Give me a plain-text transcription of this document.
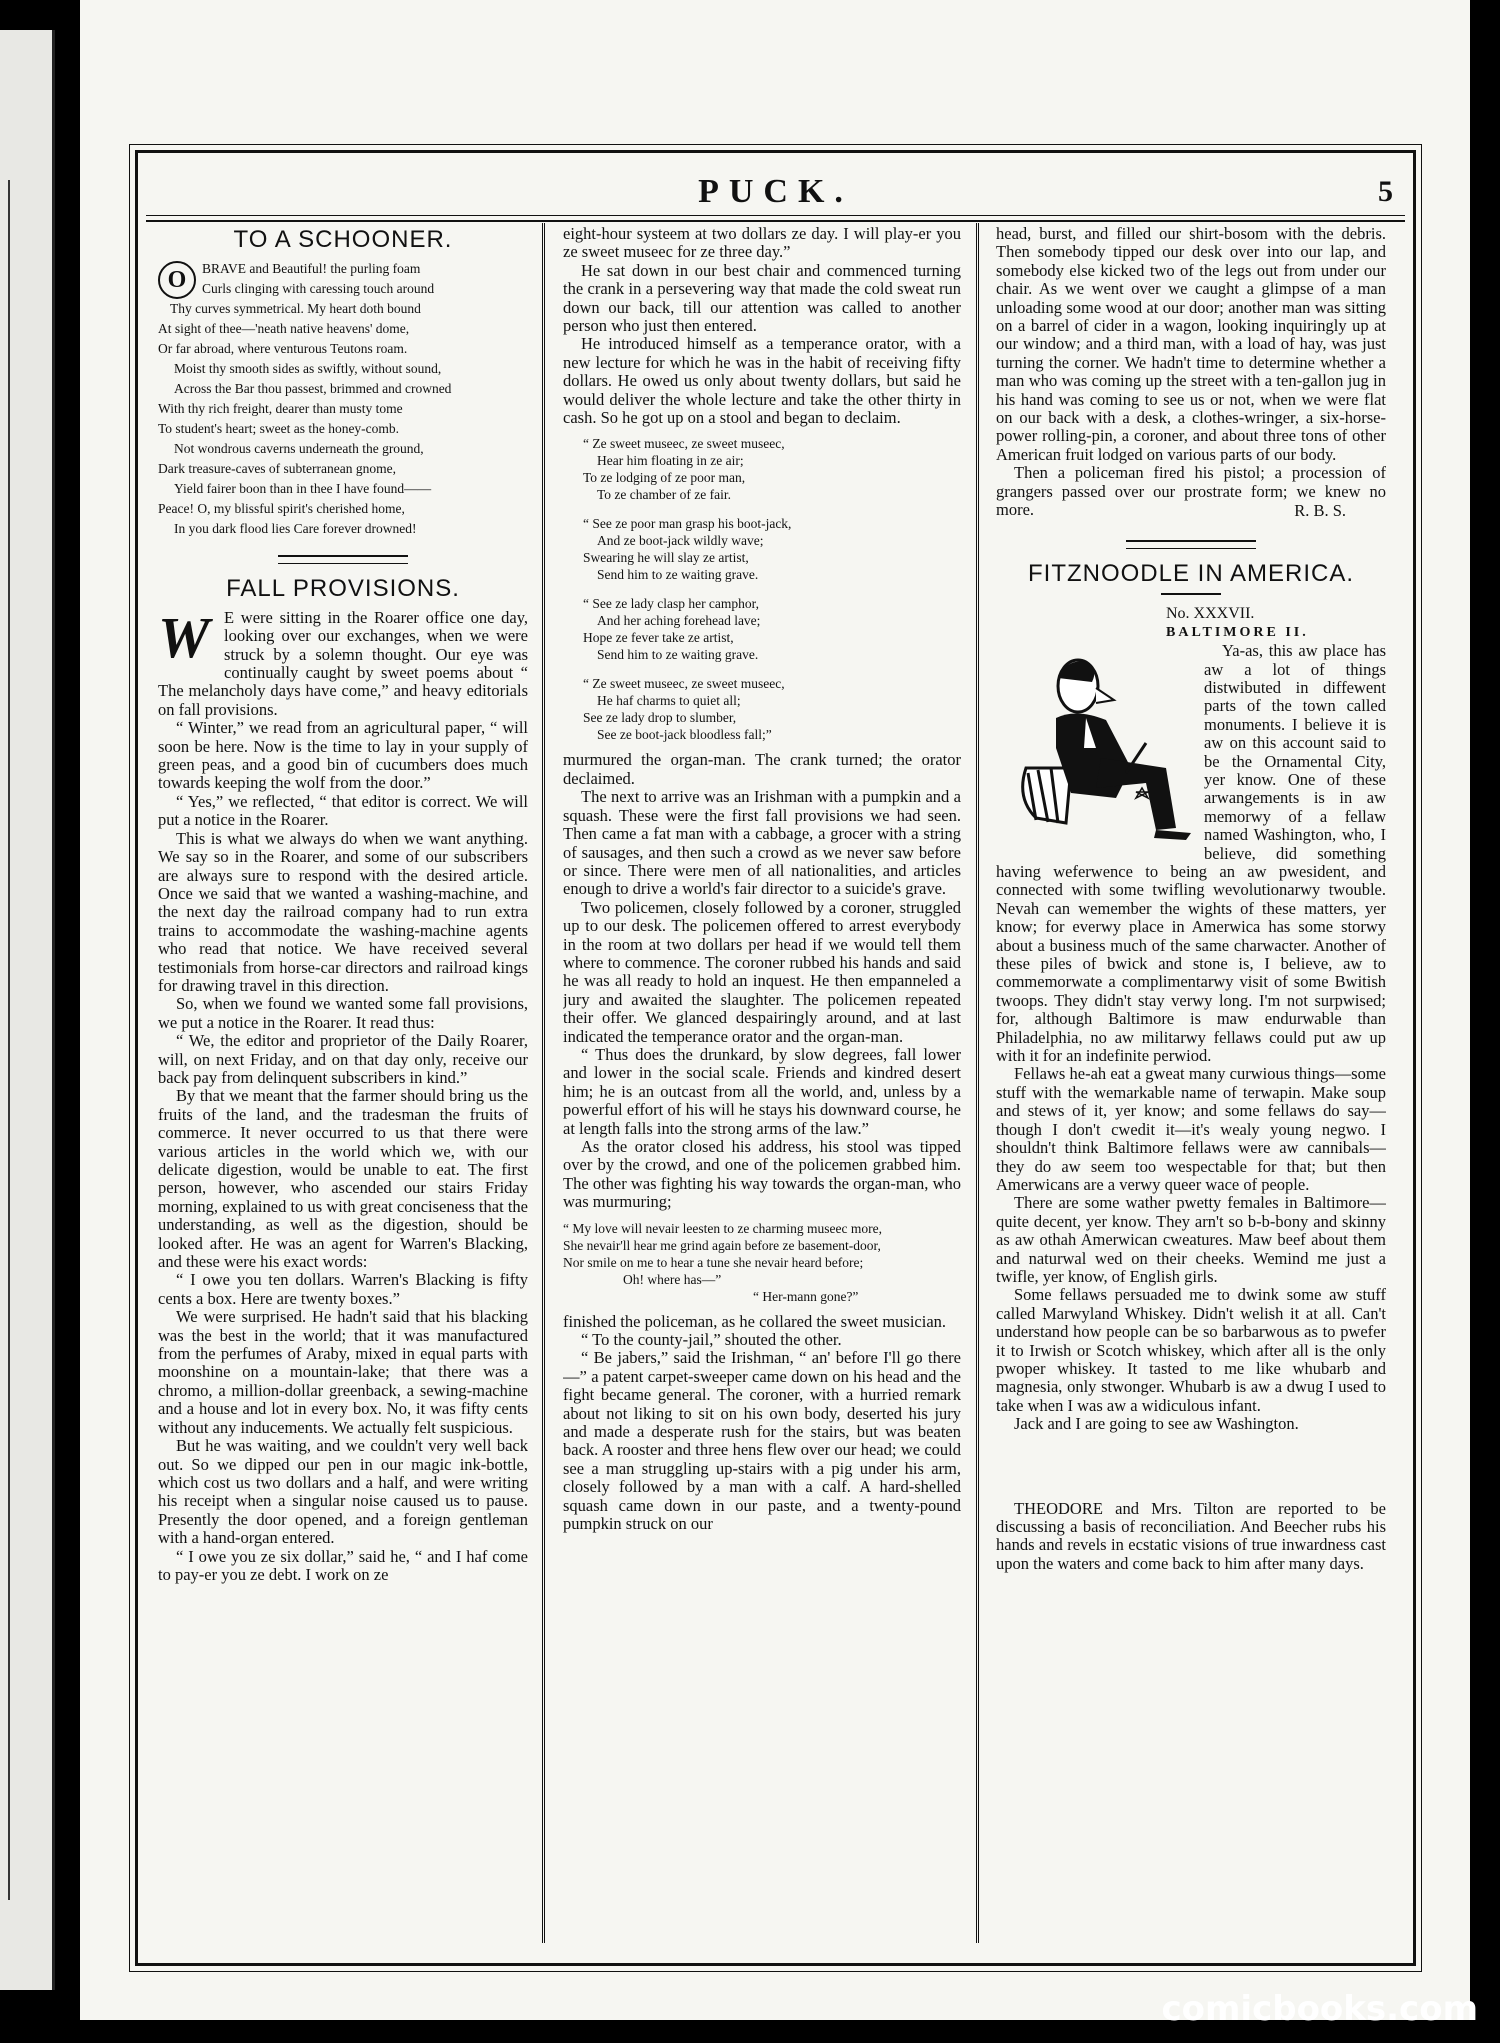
PUCK.	5
TO A SCHOONER.
O	BRAVE and Beautiful! the purling foam
Curls clinging with caressing touch around
Thy curves symmetrical. My heart doth bound
At sight of thee—'neath native heavens' dome,
Or far abroad, where venturous Teutons roam.
Moist thy smooth sides as swiftly, without sound,
Across the Bar thou passest, brimmed and crowned
With thy rich freight, dearer than musty tome
To student's heart; sweet as the honey-comb.
Not wondrous caverns underneath the ground,
Dark treasure-caves of subterranean gnome,
Yield fairer boon than in thee I have found——
Peace! O, my blissful spirit's cherished home,
In you dark flood lies Care forever drowned!
FALL PROVISIONS.
W E were sitting in the Roarer office one day, looking over our exchanges, when we were struck by a solemn thought. Our eye was continually caught by sweet poems about “ The melancholy days have come,” and heavy editorials on fall provisions.

“ Winter,” we read from an agricultural paper, “ will soon be here. Now is the time to lay in your supply of green peas, and a good bin of cucumbers does much towards keeping the wolf from the door.”

“ Yes,” we reflected, “ that editor is correct. We will put a notice in the Roarer.

This is what we always do when we want anything. We say so in the Roarer, and some of our subscribers are always sure to respond with the desired article. Once we said that we wanted a washing-machine, and the next day the railroad company had to run extra trains to accommodate the washing-machine agents who read that notice. We have received several testimonials from horse-car directors and railroad kings for drawing travel in this direction.

So, when we found we wanted some fall provisions, we put a notice in the Roarer. It read thus:

“ We, the editor and proprietor of the Daily Roarer, will, on next Friday, and on that day only, receive our back pay from delinquent subscribers in kind.”

By that we meant that the farmer should bring us the fruits of the land, and the tradesman the fruits of commerce. It never occurred to us that there were various articles in the world which we, with our delicate digestion, would be unable to eat. The first person, however, who ascended our stairs Friday morning, explained to us with great conciseness that the understanding, as well as the digestion, should be looked after. He was an agent for Warren's Blacking, and these were his exact words:

“ I owe you ten dollars. Warren's Blacking is fifty cents a box. Here are twenty boxes.”

We were surprised. He hadn't said that his blacking was the best in the world; that it was manufactured from the perfumes of Araby, mixed in equal parts with moonshine on a mountain-lake; that there was a chromo, a million-dollar greenback, a sewing-machine and a house and lot in every box. No, it was fifty cents without any inducements. We actually felt suspicious.

But he was waiting, and we couldn't very well back out. So we dipped our pen in our magic ink-bottle, which cost us two dollars and a half, and were writing his receipt when a singular noise caused us to pause. Presently the door opened, and a foreign gentleman with a hand-organ entered.

“ I owe you ze six dollar,” said he, “ and I haf come to pay-er you ze debt. I work on ze

eight-hour systeem at two dollars ze day. I will play-er you ze sweet museec for ze three day.”

He sat down in our best chair and commenced turning the crank in a persevering way that made the cold sweat run down our back, till our attention was called to another person who just then entered.

He introduced himself as a temperance orator, with a new lecture for which he was in the habit of receiving fifty dollars. He owed us only about twenty dollars, but said he would deliver the whole lecture and take the other thirty in cash. So he got up on a stool and began to declaim.

“ Ze sweet museec, ze sweet museec,
Hear him floating in ze air;
To ze lodging of ze poor man,
To ze chamber of ze fair.
“ See ze poor man grasp his boot-jack,
And ze boot-jack wildly wave;
Swearing he will slay ze artist,
Send him to ze waiting grave.
“ See ze lady clasp her camphor,
And her aching forehead lave;
Hope ze fever take ze artist,
Send him to ze waiting grave.
“ Ze sweet museec, ze sweet museec,
He haf charms to quiet all;
See ze lady drop to slumber,
See ze boot-jack bloodless fall;”

murmured the organ-man. The crank turned; the orator declaimed.

The next to arrive was an Irishman with a pumpkin and a squash. These were the first fall provisions we had seen. Then came a fat man with a cabbage, a grocer with a string of sausages, and then such a crowd as we never saw before or since. There were men of all nationalities, and articles enough to drive a world's fair director to a suicide's grave.

Two policemen, closely followed by a coroner, struggled up to our desk. The policemen offered to arrest everybody in the room at two dollars per head if we would tell them where to commence. The coroner rubbed his hands and said he was all ready to hold an inquest. He then empanneled a jury and awaited the slaughter. The policemen repeated their offer. We glanced despairingly around, and at last indicated the temperance orator and the organ-man.

“ Thus does the drunkard, by slow degrees, fall lower and lower in the social scale. Friends and kindred desert him; he is an outcast from all the world, and, unless by a powerful effort of his will he stays his downward course, he at length falls into the strong arms of the law.”

As the orator closed his address, his stool was tipped over by the crowd, and one of the policemen grabbed him. The other was fighting his way towards the organ-man, who was murmuring;

“ My love will nevair leesten to ze charming museec more,
She nevair'll hear me grind again before ze basement-door,
Nor smile on me to hear a tune she nevair heard before;
Oh! where has—”
“ Her-mann gone?”

finished the policeman, as he collared the sweet musician.

“ To the county-jail,” shouted the other.

“ Be jabers,” said the Irishman, “ an' before I'll go there—” a patent carpet-sweeper came down on his head and the fight became general. The coroner, with a hurried remark about not liking to sit on his own body, deserted his jury and made a desperate rush for the stairs, but was beaten back. A rooster and three hens flew over our head; we could see a man struggling up-stairs with a pig under his arm, closely followed by a man with a calf. A hard-shelled squash came down in our paste, and a twenty-pound pumpkin struck on our

head, burst, and filled our shirt-bosom with the debris. Then somebody tipped our desk over into our lap, and somebody else kicked two of the legs out from under our chair. As we went over we caught a glimpse of a man unloading some wood at our door; another man was sitting on a barrel of cider in a wagon, looking inquiringly up at our window; and a third man, with a load of hay, was just turning the corner. We hadn't time to determine whether a man who was coming up the street with a ten-gallon jug in his hand was coming to see us or not, when we were flat on our back with a desk, a clothes-wringer, a six-horse-power rolling-pin, a coroner, and about three tons of other American fruit lodged on various parts of our body.

Then a policeman fired his pistol; a procession of grangers passed over our prostrate form; we knew no more.	R. B. S.
FITZNOODLE IN AMERICA.
No. XXXVII.
BALTIMORE II.

Ya-as, this aw place has aw a lot of things distwibuted in diffewent parts of the town called monuments. I believe it is aw on this account said to be the Ornamental City, yer know. One of these arwangements is in aw memorwy of a fellaw named Washington, who, I believe, did something having weferwence to being an aw pwesident, and connected with some twifling wevolutionarwy twouble. Nevah can wemember the wights of these matters, yer know; for everwy place in Amerwica has some storwy about a business much of the same charwacter. Another of these piles of bwick and stone is, I believe, aw to commemorwate a complimentarwy visit of some Bwitish twoops. They didn't stay verwy long. I'm not surpwised; for, although Baltimore is maw endurwable than Philadelphia, no aw militarwy fellaws could put aw up with it for an indefinite perwiod.

Fellaws he-ah eat a gweat many curwious things—some stuff with the wemarkable name of terwapin. Make soup and stews of it, yer know; and some fellaws do say—though I don't cwedit it—it's wealy young negwo. I shouldn't think Baltimore fellaws were aw cannibals—they do aw seem too wespectable for that; but then Amerwicans are a verwy queer wace of people.

There are some wather pwetty females in Baltimore—quite decent, yer know. They arn't so b-b-bony and skinny as aw othah Amerwican cweatures. Maw beef about them and naturwal wed on their cheeks. Wemind me just a twifle, yer know, of English girls.

Some fellaws persuaded me to dwink some aw stuff called Marwyland Whiskey. Didn't welish it at all. Can't understand how people can be so barbarwous as to pwefer it to Irwish or Scotch whiskey, which after all is the only pwoper whiskey. It tasted to me like whubarb and magnesia, only stwonger. Whubarb is aw a dwug I used to take when I was aw a widiculous infant.

Jack and I are going to see aw Washington.

THEODORE and Mrs. Tilton are reported to be discussing a basis of reconciliation. And Beecher rubs his hands and revels in ecstatic visions of true inwardness cast upon the waters and come back to him after many days.

comicbooks.com
